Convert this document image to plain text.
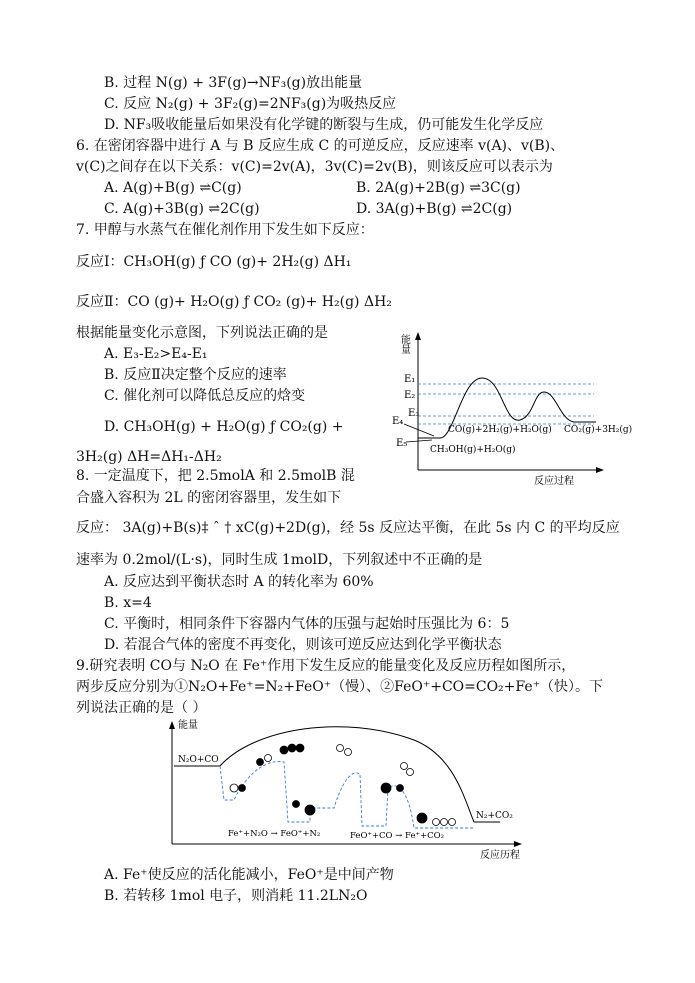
B. 过程 N(g) + 3F(g)→NF₃(g)放出能量
C. 反应 N₂(g) + 3F₂(g)=2NF₃(g)为吸热反应
D. NF₃吸收能量后如果没有化学键的断裂与生成，仍可能发生化学反应
6. 在密闭容器中进行 A 与 B 反应生成 C 的可逆反应，反应速率 v(A)、v(B)、
v(C)之间存在以下关系：v(C)=2v(A)，3v(C)=2v(B)，则该反应可以表示为
A. A(g)+B(g) ⇌C(g)	B. 2A(g)+2B(g) ⇌3C(g)
C. A(g)+3B(g) ⇌2C(g)	D. 3A(g)+B(g) ⇌2C(g)
7. 甲醇与水蒸气在催化剂作用下发生如下反应：
反应Ⅰ：CH₃OH(g) ƒ CO (g)+ 2H₂(g) ΔH₁
反应Ⅱ：CO (g)+ H₂O(g) ƒ CO₂ (g)+ H₂(g) ΔH₂
根据能量变化示意图，下列说法正确的是
A. E₃-E₂>E₄-E₁
B. 反应Ⅱ决定整个反应的速率
C. 催化剂可以降低总反应的焓变
D. CH₃OH(g) + H₂O(g) ƒ CO₂(g) +
3H₂(g) ΔH=ΔH₁-ΔH₂
8. 一定温度下，把 2.5molA 和 2.5molB 混
合盛入容积为 2L 的密闭容器里，发生如下
反应： 3A(g)+B(s)‡ ˆ † xC(g)+2D(g)，经 5s 反应达平衡，在此 5s 内 C 的平均反应
速率为 0.2mol/(L·s)，同时生成 1molD，下列叙述中不正确的是
A. 反应达到平衡状态时 A 的转化率为 60%
B. x=4
C. 平衡时，相同条件下容器内气体的压强与起始时压强比为 6：5
D. 若混合气体的密度不再变化，则该可逆反应达到化学平衡状态
9.研究表明 CO与 N₂O 在 Fe⁺作用下发生反应的能量变化及反应历程如图所示，
两步反应分别为①N₂O+Fe⁺=N₂+FeO⁺（慢）、②FeO⁺+CO=CO₂+Fe⁺（快）。下
列说法正确的是（ ）
A. Fe⁺使反应的活化能减小，FeO⁺是中间产物
B. 若转移 1mol 电子，则消耗 11.2LN₂O
能量
反应过程
E₁
E₂
E₃
E₄
E₅
CO(g)+2H₂(g)+H₂O(g) CO₂(g)+3H₂(g)
CH₃OH(g)+H₂O(g)
能量
反应历程
N₂O+CO
N₂+CO₂
Fe⁺+N₂O → FeO⁺+N₂	FeO⁺+CO → Fe⁺+CO₂
